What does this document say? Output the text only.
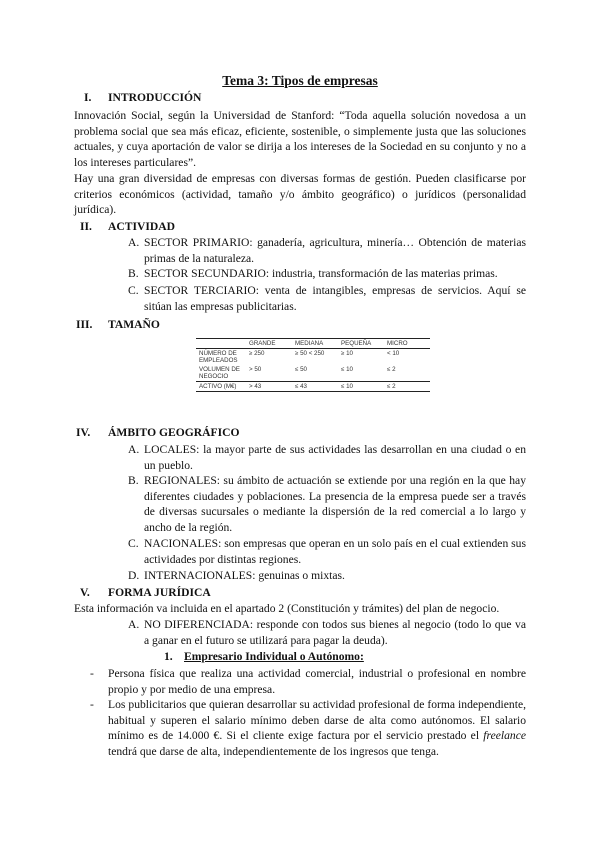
Tema 3: Tipos de empresas
I. INTRODUCCIÓN
Innovación Social, según la Universidad de Stanford: “Toda aquella solución novedosa a un problema social que sea más eficaz, eficiente, sostenible, o simplemente justa que las soluciones actuales, y cuya aportación de valor se dirija a los intereses de la Sociedad en su conjunto y no a los intereses particulares”.
Hay una gran diversidad de empresas con diversas formas de gestión. Pueden clasificarse por criterios económicos (actividad, tamaño y/o ámbito geográfico) o jurídicos (personalidad jurídica).
II. ACTIVIDAD
A. SECTOR PRIMARIO: ganadería, agricultura, minería… Obtención de materias primas de la naturaleza.
B. SECTOR SECUNDARIO: industria, transformación de las materias primas.
C. SECTOR TERCIARIO: venta de intangibles, empresas de servicios. Aquí se sitúan las empresas publicitarias.
III. TAMAÑO
	GRANDE	MEDIANA	PEQUEÑA	MICRO
NÚMERO DE EMPLEADOS	≥ 250	≥ 50 < 250	≥ 10	< 10
VOLUMEN DE NEGOCIO	> 50	≤ 50	≤ 10	≤ 2
ACTIVO (M€)	> 43	≤ 43	≤ 10	≤ 2
IV. ÁMBITO GEOGRÁFICO
A. LOCALES: la mayor parte de sus actividades las desarrollan en una ciudad o en un pueblo.
B. REGIONALES: su ámbito de actuación se extiende por una región en la que hay diferentes ciudades y poblaciones. La presencia de la empresa puede ser a través de diversas sucursales o mediante la dispersión de la red comercial a lo largo y ancho de la región.
C. NACIONALES: son empresas que operan en un solo país en el cual extienden sus actividades por distintas regiones.
D. INTERNACIONALES: genuinas o mixtas.
V. FORMA JURÍDICA
Esta información va incluida en el apartado 2 (Constitución y trámites) del plan de negocio.
A. NO DIFERENCIADA: responde con todos sus bienes al negocio (todo lo que va a ganar en el futuro se utilizará para pagar la deuda).
1. Empresario Individual o Autónomo:
- Persona física que realiza una actividad comercial, industrial o profesional en nombre propio y por medio de una empresa.
- Los publicitarios que quieran desarrollar su actividad profesional de forma independiente, habitual y superen el salario mínimo deben darse de alta como autónomos. El salario mínimo es de 14.000 €. Si el cliente exige factura por el servicio prestado el freelance tendrá que darse de alta, independientemente de los ingresos que tenga.
